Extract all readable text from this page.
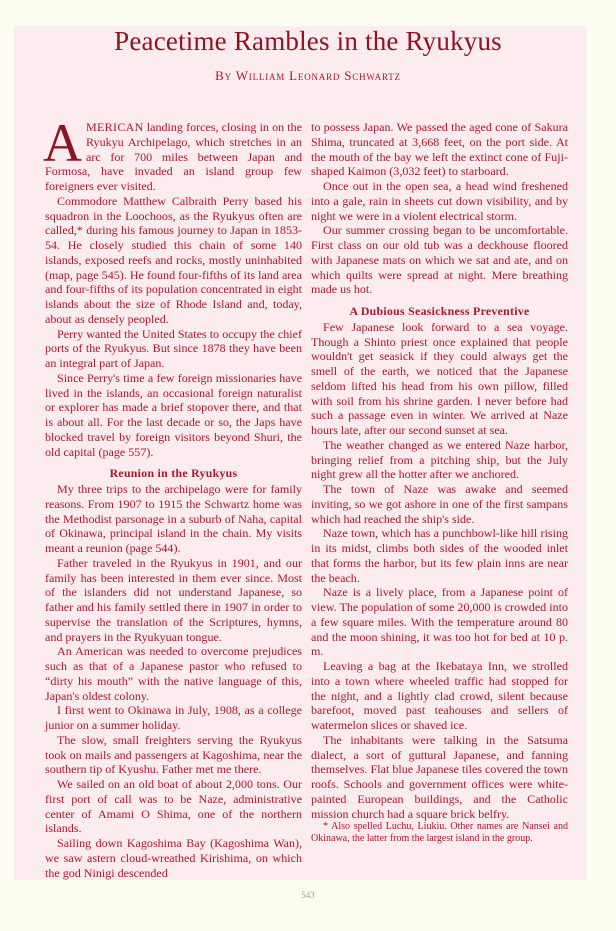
Peacetime Rambles in the Ryukyus
By William Leonard Schwartz

AMERICAN landing forces, closing in on the Ryukyu Archipelago, which stretches in an arc for 700 miles between Japan and Formosa, have invaded an island group few foreigners ever visited.

Commodore Matthew Calbraith Perry based his squadron in the Loochoos, as the Ryukyus often are called,* during his famous journey to Japan in 1853-54. He closely studied this chain of some 140 islands, exposed reefs and rocks, mostly uninhabited (map, page 545). He found four-fifths of its land area and four-fifths of its population concentrated in eight islands about the size of Rhode Island and, today, about as densely peopled.

Perry wanted the United States to occupy the chief ports of the Ryukyus. But since 1878 they have been an integral part of Japan.

Since Perry's time a few foreign missionaries have lived in the islands, an occasional foreign naturalist or explorer has made a brief stopover there, and that is about all. For the last decade or so, the Japs have blocked travel by foreign visitors beyond Shuri, the old capital (page 557).

Reunion in the Ryukyus

My three trips to the archipelago were for family reasons. From 1907 to 1915 the Schwartz home was the Methodist parsonage in a suburb of Naha, capital of Okinawa, principal island in the chain. My visits meant a reunion (page 544).

Father traveled in the Ryukyus in 1901, and our family has been interested in them ever since. Most of the islanders did not understand Japanese, so father and his family settled there in 1907 in order to supervise the translation of the Scriptures, hymns, and prayers in the Ryukyuan tongue.

An American was needed to overcome prejudices such as that of a Japanese pastor who refused to “dirty his mouth” with the native language of this, Japan's oldest colony.

I first went to Okinawa in July, 1908, as a college junior on a summer holiday.

The slow, small freighters serving the Ryukyus took on mails and passengers at Kagoshima, near the southern tip of Kyushu. Father met me there.

We sailed on an old boat of about 2,000 tons. Our first port of call was to be Naze, administrative center of Amami O Shima, one of the northern islands.

Sailing down Kagoshima Bay (Kagoshima Wan), we saw astern cloud-wreathed Kirishima, on which the god Ninigi descended

to possess Japan. We passed the aged cone of Sakura Shima, truncated at 3,668 feet, on the port side. At the mouth of the bay we left the extinct cone of Fuji-shaped Kaimon (3,032 feet) to starboard.

Once out in the open sea, a head wind freshened into a gale, rain in sheets cut down visibility, and by night we were in a violent electrical storm.

Our summer crossing began to be uncomfortable. First class on our old tub was a deckhouse floored with Japanese mats on which we sat and ate, and on which quilts were spread at night. Mere breathing made us hot.

A Dubious Seasickness Preventive

Few Japanese look forward to a sea voyage. Though a Shinto priest once explained that people wouldn't get seasick if they could always get the smell of the earth, we noticed that the Japanese seldom lifted his head from his own pillow, filled with soil from his shrine garden. I never before had such a passage even in winter. We arrived at Naze hours late, after our second sunset at sea.

The weather changed as we entered Naze harbor, bringing relief from a pitching ship, but the July night grew all the hotter after we anchored.

The town of Naze was awake and seemed inviting, so we got ashore in one of the first sampans which had reached the ship's side.

Naze town, which has a punchbowl-like hill rising in its midst, climbs both sides of the wooded inlet that forms the harbor, but its few plain inns are near the beach.

Naze is a lively place, from a Japanese point of view. The population of some 20,000 is crowded into a few square miles. With the temperature around 80 and the moon shining, it was too hot for bed at 10 p. m.

Leaving a bag at the Ikebataya Inn, we strolled into a town where wheeled traffic had stopped for the night, and a lightly clad crowd, silent because barefoot, moved past teahouses and sellers of watermelon slices or shaved ice.

The inhabitants were talking in the Satsuma dialect, a sort of guttural Japanese, and fanning themselves. Flat blue Japanese tiles covered the town roofs. Schools and government offices were white-painted European buildings, and the Catholic mission church had a square brick belfry.

* Also spelled Luchu, Liukiu. Other names are Nansei and Okinawa, the latter from the largest island in the group.

543
